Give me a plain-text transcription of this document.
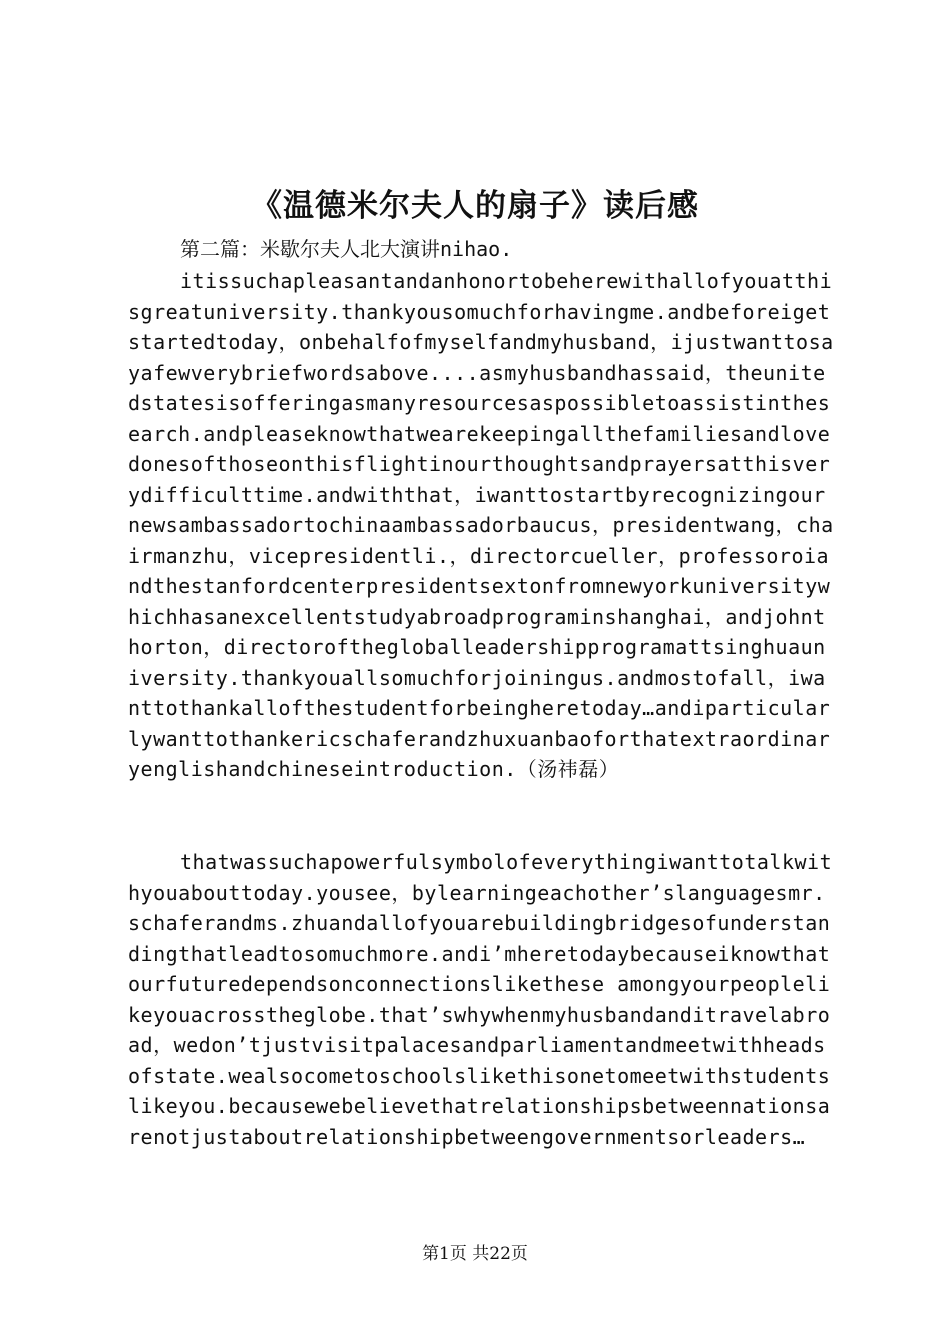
《温德米尔夫人的扇子》读后感

第二篇：米歇尔夫人北大演讲nihao.

itissuchapleasantandanhonortobeherewithallofyouatthisgreatuniversity.thankyousomuchforhavingme.andbeforeigetstartedtoday，onbehalfofmyselfandmyhusband，ijustwanttosayafewverybriefwordsabove....asmyhusbandhassaid，theunitedstatesisofferingasmanyresourcesaspossibletoassistinthesearch.andpleaseknowthatwearekeepingallthefamiliesandlovedonesofthoseonthisflightinourthoughtsandprayersatthisverydifficulttime.andwiththat，iwanttostartbyrecognizingournewsambassadortochinaambassadorbaucus，presidentwang，chairmanzhu，vicepresidentli.，directorcueller，professoroiandthestanfordcenterpresidentsextonfromnewyorkuniversitywhichhasanexcellentstudyabroadprograminshanghai，andjohnthorton，directorofthegloballeadershipprogramattsinghuauniversity.thankyouallsomuchforjoiningus.andmostofall，iwanttothankallofthestudentforbeingheretoday…andiparticularlywanttothankericschaferandzhuxuanbaoforthatextraordinaryenglishandchineseintroduction.（汤祎磊）

thatwassuchapowerfulsymbolofeverythingiwanttotalkwithyouabouttoday.yousee，bylearningeachother’slanguagesmr.schaferandms.zhuandallofyouarebuildingbridgesofunderstandingthatleadtosomuchmore.andi’mheretodaybecauseiknowthatourfuturedependsonconnectionslikethese amongyourpeoplelikeyouacrosstheglobe.that’swhywhenmyhusbandanditravelabroad，wedon’tjustvisitpalacesandparliamentandmeetwithheadsofstate.wealsocometoschoolslikethisonetomeetwithstudentslikeyou.becausewebelievethatrelationshipsbetweennationsarenotjustaboutrelationshipbetweengovernmentsorleaders…

第1页 共22页
